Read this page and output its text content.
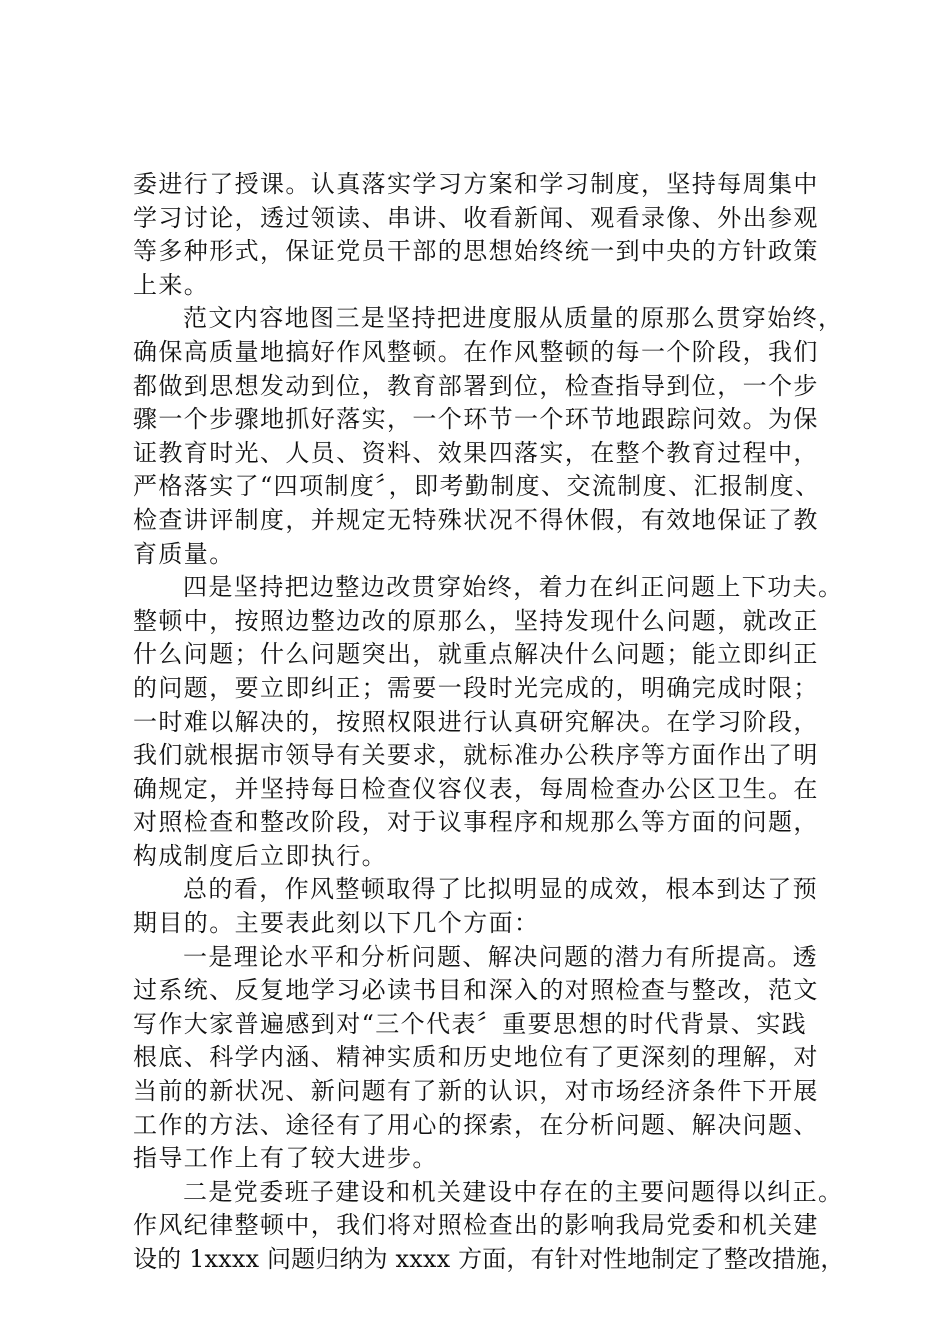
委进行了授课。认真落实学习方案和学习制度，坚持每周集中
学习讨论，透过领读、串讲、收看新闻、观看录像、外出参观
等多种形式，保证党员干部的思想始终统一到中央的方针政策
上来。
范文内容地图三是坚持把进度服从质量的原那么贯穿始终，
确保高质量地搞好作风整顿。在作风整顿的每一个阶段，我们
都做到思想发动到位，教育部署到位，检查指导到位，一个步
骤一个步骤地抓好落实，一个环节一个环节地跟踪问效。为保
证教育时光、人员、资料、效果四落实，在整个教育过程中，
严格落实了“四项制度〞，即考勤制度、交流制度、汇报制度、
检查讲评制度，并规定无特殊状况不得休假，有效地保证了教
育质量。
四是坚持把边整边改贯穿始终，着力在纠正问题上下功夫。
整顿中，按照边整边改的原那么，坚持发现什么问题，就改正
什么问题；什么问题突出，就重点解决什么问题；能立即纠正
的问题，要立即纠正；需要一段时光完成的，明确完成时限；
一时难以解决的，按照权限进行认真研究解决。在学习阶段，
我们就根据市领导有关要求，就标准办公秩序等方面作出了明
确规定，并坚持每日检查仪容仪表，每周检查办公区卫生。在
对照检查和整改阶段，对于议事程序和规那么等方面的问题，
构成制度后立即执行。
总的看，作风整顿取得了比拟明显的成效，根本到达了预
期目的。主要表此刻以下几个方面：
一是理论水平和分析问题、解决问题的潜力有所提高。透
过系统、反复地学习必读书目和深入的对照检查与整改，范文
写作大家普遍感到对“三个代表〞重要思想的时代背景、实践
根底、科学内涵、精神实质和历史地位有了更深刻的理解，对
当前的新状况、新问题有了新的认识，对市场经济条件下开展
工作的方法、途径有了用心的探索，在分析问题、解决问题、
指导工作上有了较大进步。
二是党委班子建设和机关建设中存在的主要问题得以纠正。
作风纪律整顿中，我们将对照检查出的影响我局党委和机关建
设的 1xxxx 问题归纳为 xxxx 方面，有针对性地制定了整改措施，
